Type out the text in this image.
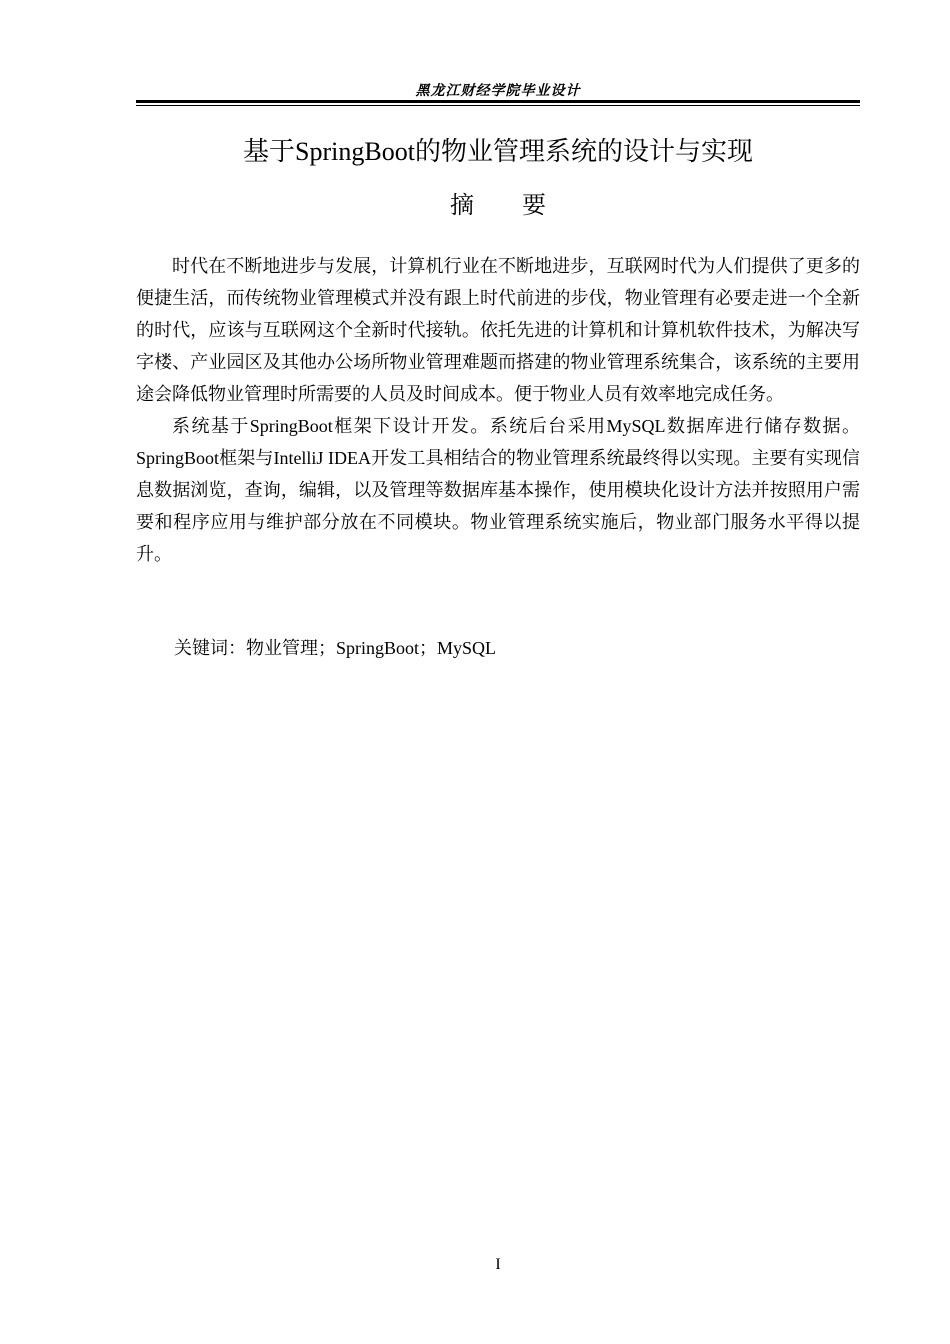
黑龙江财经学院毕业设计
基于SpringBoot的物业管理系统的设计与实现
摘要

时代在不断地进步与发展，计算机行业在不断地进步，互联网时代为人们提供了更多的便捷生活，而传统物业管理模式并没有跟上时代前进的步伐，物业管理有必要走进一个全新的时代，应该与互联网这个全新时代接轨。依托先进的计算机和计算机软件技术，为解决写字楼、产业园区及其他办公场所物业管理难题而搭建的物业管理系统集合，该系统的主要用途会降低物业管理时所需要的人员及时间成本。便于物业人员有效率地完成任务。

系统基于SpringBoot框架下设计开发。系统后台采用MySQL数据库进行储存数据。SpringBoot框架与IntelliJ IDEA开发工具相结合的物业管理系统最终得以实现。主要有实现信息数据浏览，查询，编辑，以及管理等数据库基本操作，使用模块化设计方法并按照用户需要和程序应用与维护部分放在不同模块。物业管理系统实施后，物业部门服务水平得以提升。

关键词：物业管理；SpringBoot；MySQL
I
